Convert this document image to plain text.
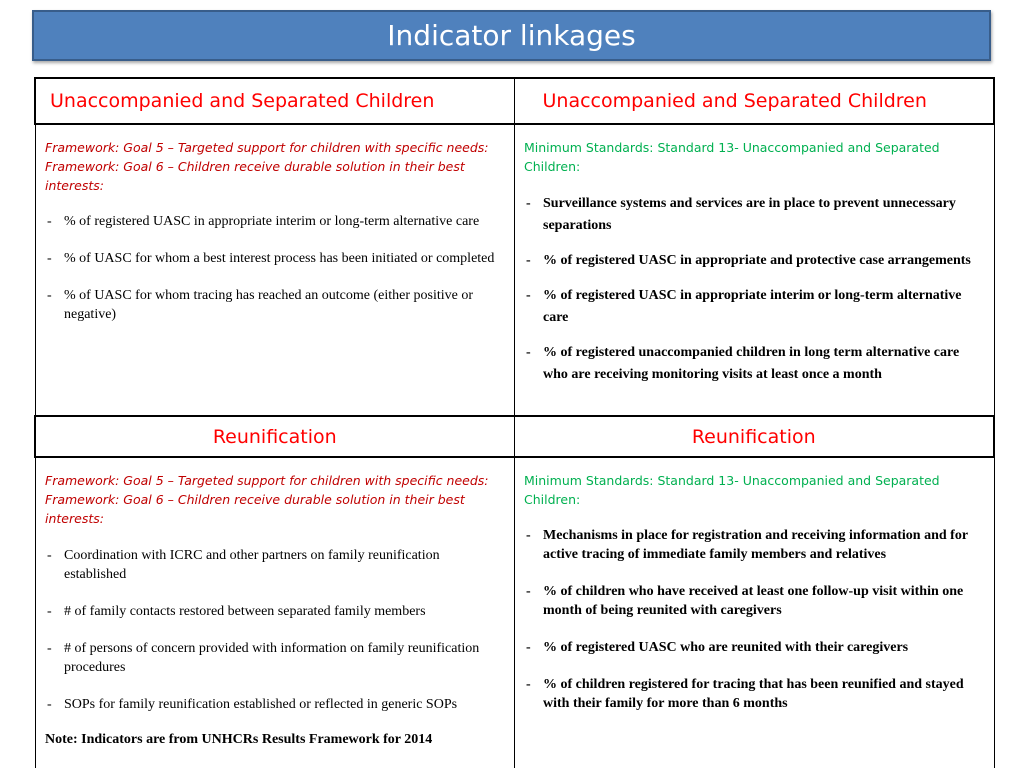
Indicator linkages
Unaccompanied and Separated Children	Unaccompanied and Separated Children
Framework: Goal 5 – Targeted support for children with specific needs:
Framework: Goal 6 – Children receive durable solution in their best interests:
- % of registered UASC in appropriate interim or long-term alternative care
- % of UASC for whom a best interest process has been initiated or completed
- % of UASC for whom tracing has reached an outcome (either positive or negative)
Minimum Standards: Standard 13- Unaccompanied and Separated Children:
- Surveillance systems and services are in place to prevent unnecessary separations
- % of registered UASC in appropriate and protective case arrangements
- % of registered UASC in appropriate interim or long-term alternative care
- % of registered unaccompanied children in long term alternative care who are receiving monitoring visits at least once a month
Reunification	Reunification
Framework: Goal 5 – Targeted support for children with specific needs:
Framework: Goal 6 – Children receive durable solution in their best interests:
- Coordination with ICRC and other partners on family reunification established
- # of family contacts restored between separated family members
- # of persons of concern provided with information on family reunification procedures
- SOPs for family reunification established or reflected in generic SOPs
Note: Indicators are from UNHCRs Results Framework for 2014
Minimum Standards: Standard 13- Unaccompanied and Separated Children:
- Mechanisms in place for registration and receiving information and for active tracing of immediate family members and relatives
- % of children who have received at least one follow-up visit within one month of being reunited with caregivers
- % of registered UASC who are reunited with their caregivers
- % of children registered for tracing that has been reunified and stayed with their family for more than 6 months
